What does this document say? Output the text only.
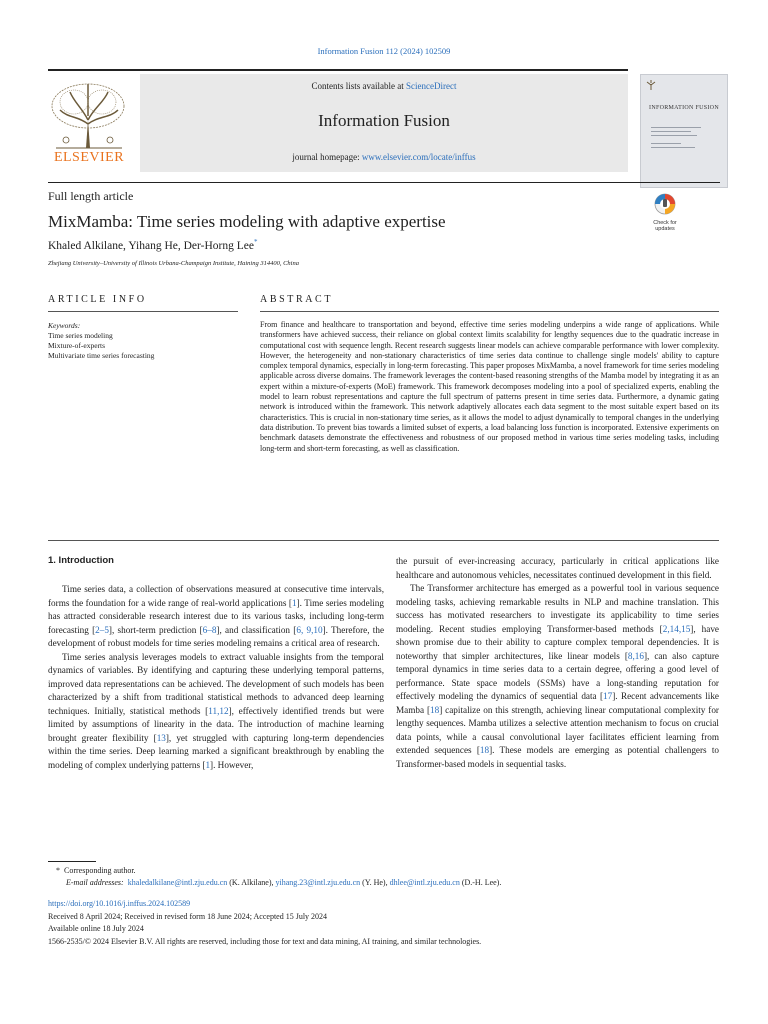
Information Fusion 112 (2024) 102509
ELSEVIER
Contents lists available at ScienceDirect
Information Fusion
journal homepage: www.elsevier.com/locate/inffus
INFORMATION FUSION
Full length article
MixMamba: Time series modeling with adaptive expertise
Khaled Alkilane, Yihang He, Der-Horng Lee*
Zhejiang University–University of Illinois Urbana-Champaign Institute, Haining 314400, China
Check for updates
ARTICLE INFO	ABSTRACT
Keywords:
Time series modeling
Mixture-of-experts
Multivariate time series forecasting
From finance and healthcare to transportation and beyond, effective time series modeling underpins a wide range of applications. While transformers have achieved success, their reliance on global context limits scalability for lengthy sequences due to the quadratic increase in computational cost with sequence length. Recent research suggests linear models can achieve comparable performance with lower complexity. However, the heterogeneity and non-stationary characteristics of time series data continue to challenge single models' ability to capture complex temporal dynamics, especially in long-term forecasting. This paper proposes MixMamba, a novel framework for time series modeling applicable across diverse domains. The framework leverages the content-based reasoning strengths of the Mamba model by integrating it as an expert within a mixture-of-experts (MoE) framework. This framework decomposes modeling into a pool of specialized experts, enabling the model to learn robust representations and capture the full spectrum of patterns present in time series data. Furthermore, a dynamic gating network is introduced within the framework. This network adaptively allocates each data segment to the most suitable expert based on its characteristics. This is crucial in non-stationary time series, as it allows the model to adjust dynamically to temporal changes in the underlying data distribution. To prevent bias towards a limited subset of experts, a load balancing loss function is incorporated. Extensive experiments on benchmark datasets demonstrate the effectiveness and robustness of our proposed method in various time series modeling tasks, including long-term and short-term forecasting, as well as classification.
1. Introduction

Time series data, a collection of observations measured at consecutive time intervals, forms the foundation for a wide range of real-world applications [1]. Time series modeling has attracted considerable research interest due to its various tasks, including long-term forecasting [2–5], short-term prediction [6–8], and classification [6, 9,10]. Therefore, the development of robust models for time series modeling remains a critical area of research.

Time series analysis leverages models to extract valuable insights from the temporal dynamics of variables. By identifying and capturing these underlying temporal patterns, improved data representations can be achieved. The development of such models has been characterized by a shift from traditional statistical methods to advanced deep learning techniques. Initially, statistical methods [11,12], effectively identified trends but were limited by assumptions of linearity in the data. The introduction of machine learning brought greater flexibility [13], yet struggled with capturing long-term dependencies within the time series. Deep learning marked a significant breakthrough by enabling the modeling of complex underlying patterns [1]. However,

the pursuit of ever-increasing accuracy, particularly in critical applications like healthcare and autonomous vehicles, necessitates continued development in this field.

The Transformer architecture has emerged as a powerful tool in various sequence modeling tasks, achieving remarkable results in NLP and machine translation. This success has motivated researchers to investigate its applicability to time series modeling. Recent studies employing Transformer-based methods [2,14,15], have shown promise due to their ability to capture complex temporal dependencies. It is noteworthy that simpler architectures, like linear models [8,16], can also capture temporal dynamics in time series data to a certain degree, offering a good level of performance. State space models (SSMs) have a long-standing reputation for effectively modeling the dynamics of sequential data [17]. Recent advancements like Mamba [18] capitalize on this strength, achieving linear computational complexity for lengthy sequences. Mamba utilizes a selective attention mechanism to focus on crucial data points, while a causal convolutional layer facilitates efficient learning from extended sequences [18]. These models are emerging as potential challengers to Transformer-based models in sequential tasks.

* Corresponding author.
E-mail addresses: khaledalkilane@intl.zju.edu.cn (K. Alkilane), yihang.23@intl.zju.edu.cn (Y. He), dhlee@intl.zju.edu.cn (D.-H. Lee).
https://doi.org/10.1016/j.inffus.2024.102589
Received 8 April 2024; Received in revised form 18 June 2024; Accepted 15 July 2024
Available online 18 July 2024
1566-2535/© 2024 Elsevier B.V. All rights are reserved, including those for text and data mining, AI training, and similar technologies.
